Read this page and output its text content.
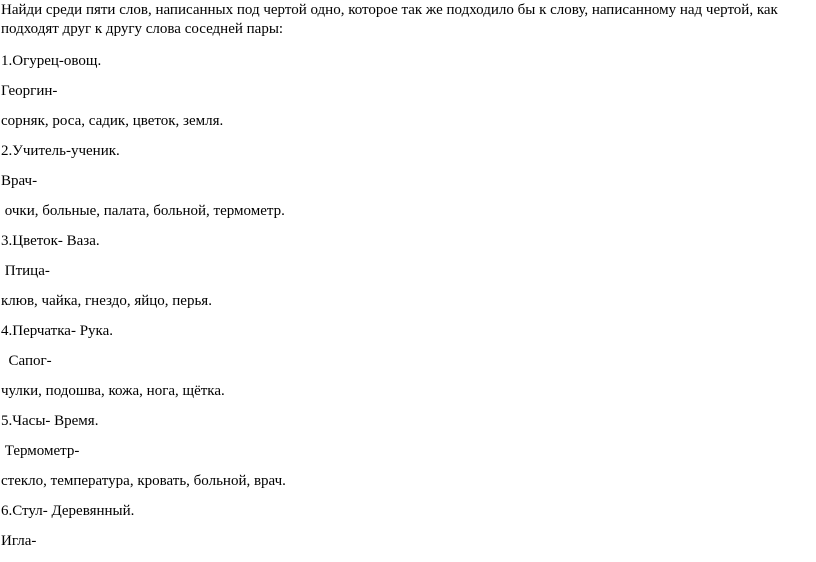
Найди среди пяти слов, написанных под чертой одно, которое так же подходило бы к слову, написанному над чертой, как подходят друг к другу слова соседней пары:

1.Огурец-овощ.

Георгин-

сорняк, роса, садик, цветок, земля.

2.Учитель-ученик.

Врач-

очки, больные, палата, больной, термометр.

3.Цветок- Ваза.

Птица-

клюв, чайка, гнездо, яйцо, перья.

4.Перчатка- Рука.

Сапог-

чулки, подошва, кожа, нога, щётка.

5.Часы- Время.

Термометр-

стекло, температура, кровать, больной, врач.

6.Стул- Деревянный.

Игла-
